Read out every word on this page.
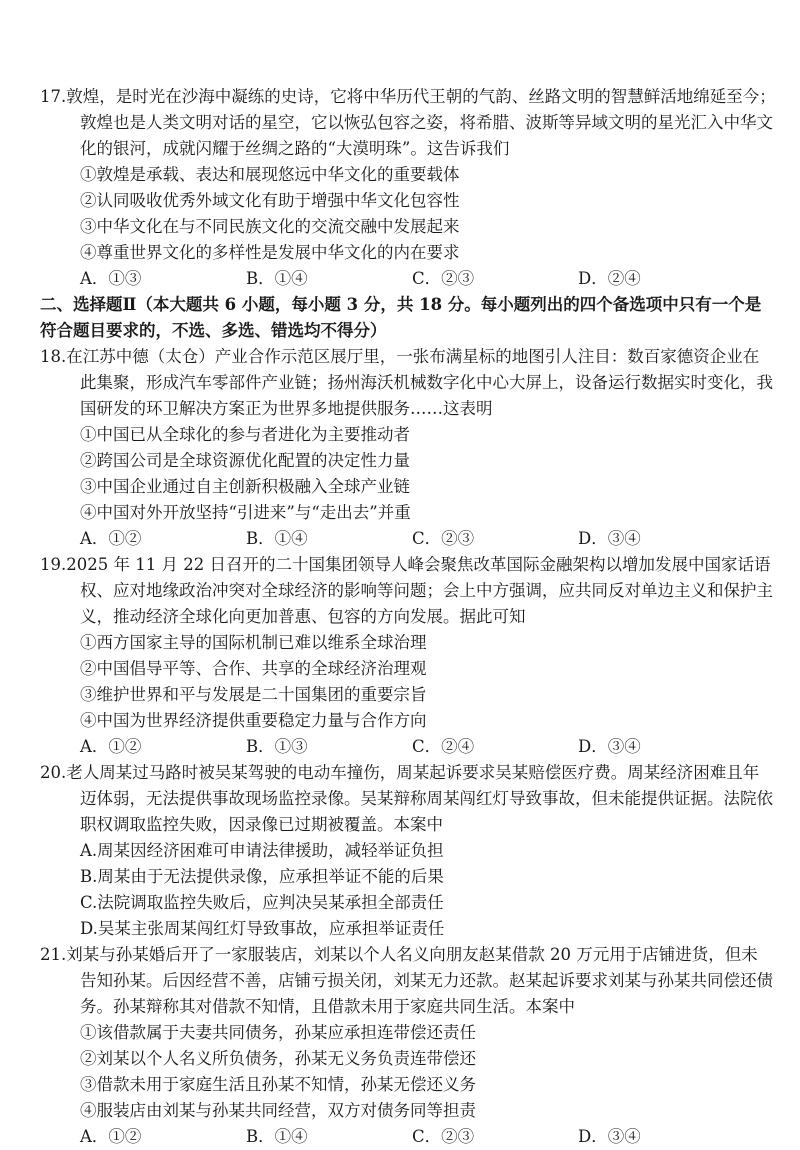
17.敦煌，是时光在沙海中凝练的史诗，它将中华历代王朝的气韵、丝路文明的智慧鲜活地绵延至今；
敦煌也是人类文明对话的星空，它以恢弘包容之姿，将希腊、波斯等异域文明的星光汇入中华文
化的银河，成就闪耀于丝绸之路的“大漠明珠”。这告诉我们
①敦煌是承载、表达和展现悠远中华文化的重要载体
②认同吸收优秀外域文化有助于增强中华文化包容性
③中华文化在与不同民族文化的交流交融中发展起来
④尊重世界文化的多样性是发展中华文化的内在要求
A．①③	B．①④	C．②③	D．②④
二、选择题Ⅱ（本大题共 6 小题，每小题 3 分，共 18 分。每小题列出的四个备选项中只有一个是
符合题目要求的，不选、多选、错选均不得分）
18.在江苏中德（太仓）产业合作示范区展厅里，一张布满星标的地图引人注目：数百家德资企业在
此集聚，形成汽车零部件产业链；扬州海沃机械数字化中心大屏上，设备运行数据实时变化，我
国研发的环卫解决方案正为世界多地提供服务……这表明
①中国已从全球化的参与者进化为主要推动者
②跨国公司是全球资源优化配置的决定性力量
③中国企业通过自主创新积极融入全球产业链
④中国对外开放坚持“引进来”与“走出去”并重
A．①②	B．①④	C．②③	D．③④
19.2025 年 11 月 22 日召开的二十国集团领导人峰会聚焦改革国际金融架构以增加发展中国家话语
权、应对地缘政治冲突对全球经济的影响等问题；会上中方强调，应共同反对单边主义和保护主
义，推动经济全球化向更加普惠、包容的方向发展。据此可知
①西方国家主导的国际机制已难以维系全球治理
②中国倡导平等、合作、共享的全球经济治理观
③维护世界和平与发展是二十国集团的重要宗旨
④中国为世界经济提供重要稳定力量与合作方向
A．①②	B．①③	C．②④	D．③④
20.老人周某过马路时被吴某驾驶的电动车撞伤，周某起诉要求吴某赔偿医疗费。周某经济困难且年
迈体弱，无法提供事故现场监控录像。吴某辩称周某闯红灯导致事故，但未能提供证据。法院依
职权调取监控失败，因录像已过期被覆盖。本案中
A.周某因经济困难可申请法律援助，减轻举证负担
B.周某由于无法提供录像，应承担举证不能的后果
C.法院调取监控失败后，应判决吴某承担全部责任
D.吴某主张周某闯红灯导致事故，应承担举证责任
21.刘某与孙某婚后开了一家服装店，刘某以个人名义向朋友赵某借款 20 万元用于店铺进货，但未
告知孙某。后因经营不善，店铺亏损关闭，刘某无力还款。赵某起诉要求刘某与孙某共同偿还债
务。孙某辩称其对借款不知情，且借款未用于家庭共同生活。本案中
①该借款属于夫妻共同债务，孙某应承担连带偿还责任
②刘某以个人名义所负债务，孙某无义务负责连带偿还
③借款未用于家庭生活且孙某不知情，孙某无偿还义务
④服装店由刘某与孙某共同经营，双方对债务同等担责
A．①②	B．①④	C．②③	D．③④
